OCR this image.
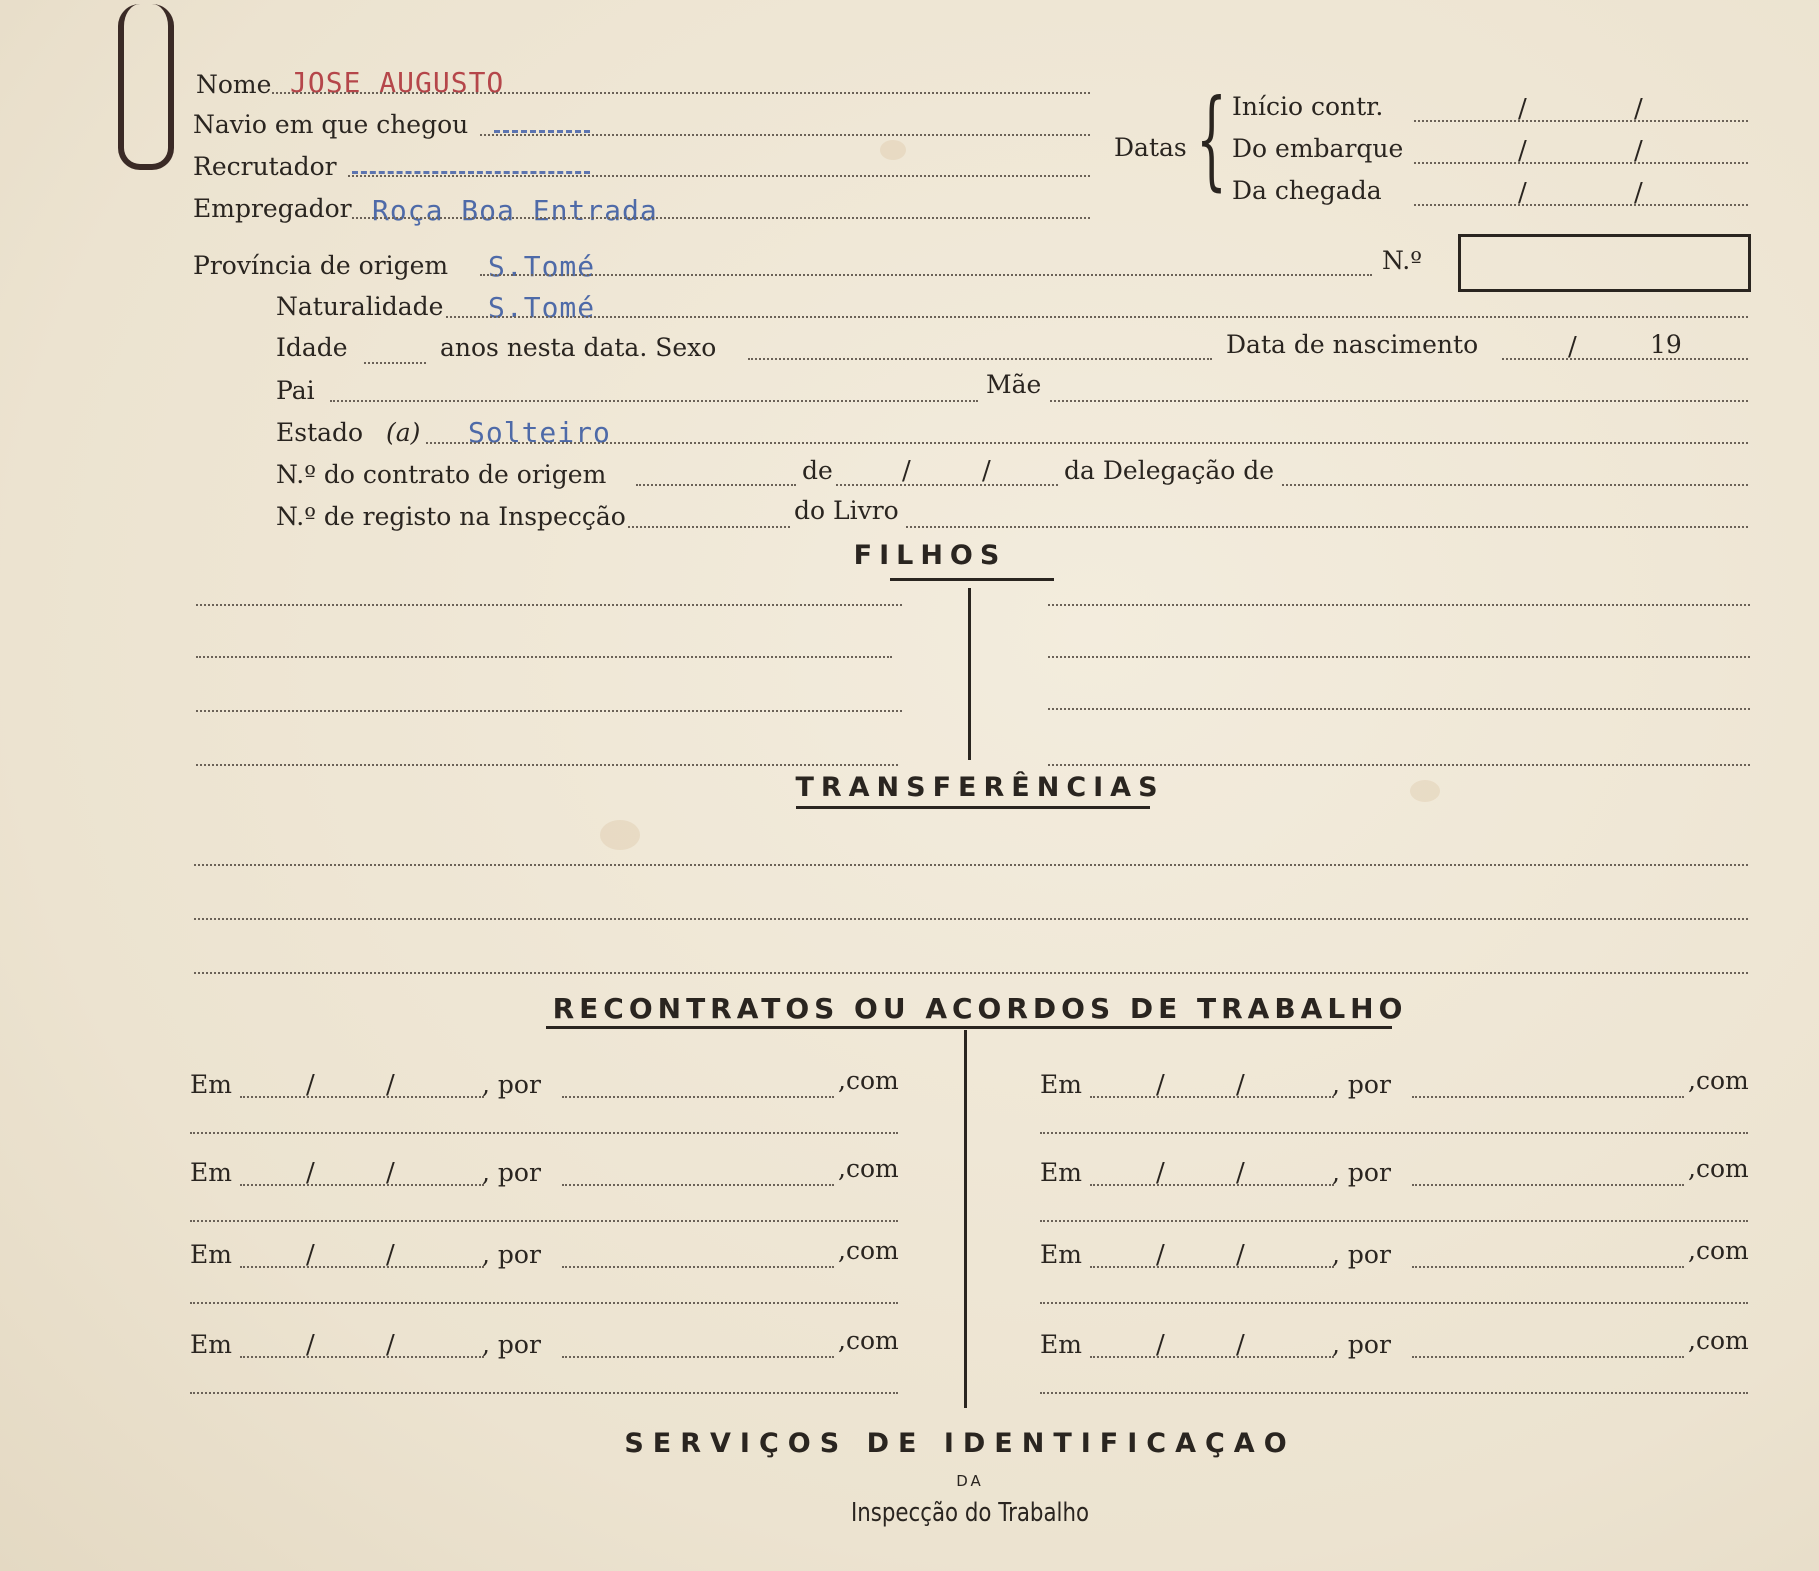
Nome JOSE AUGUSTO
Navio em que chegou
Recrutador
Empregador Roça Boa Entrada
Datas { Início contr.	/	/
Do embarque	/	/
Da chegada	/	/
Província de origem S.Tomé	N.º
Naturalidade S.Tomé
Idade	anos nesta data. Sexo	Data de nascimento	/	19
Pai	Mãe
Estado (a) Solteiro
N.º do contrato de origem	de	/	/	da Delegação de
N.º de registo na Inspecção	do Livro
FILHOS
TRANSFERÊNCIAS
RECONTRATOS OU ACORDOS DE TRABALHO
SERVIÇOS DE IDENTIFICAÇAO
DA
Inspecção do Trabalho
Em	/	/	, por	,com
Em	/	/	, por	,com
Em	/	/	, por	,com
Em	/	/	, por	,com
Em	/	/	, por	,com
Em	/	/	, por	,com
Em	/	/	, por	,com
Em	/	/	, por	,com
